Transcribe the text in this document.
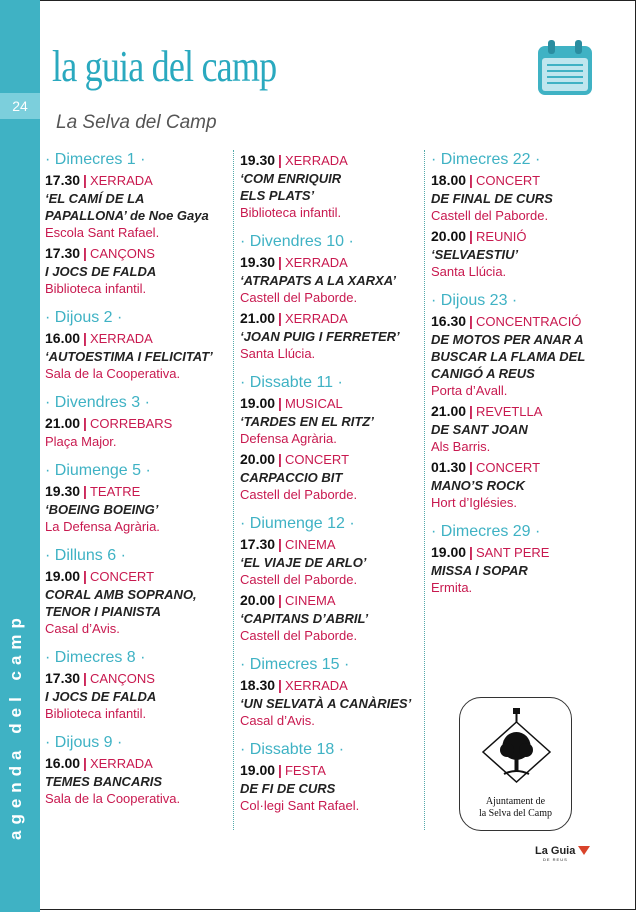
24
agenda del camp
la guia del camp
La Selva del Camp
· Dimecres 1 ·
17.30 | XERRADA
‘EL CAMÍ DE LA
PAPALLONA’ de Noe Gaya
Escola Sant Rafael.
17.30 | CANÇONS
I JOCS DE FALDA
Biblioteca infantil.
· Dijous 2 ·
16.00 | XERRADA
‘AUTOESTIMA I FELICITAT’
Sala de la Cooperativa.
· Divendres 3 ·
21.00 | CORREBARS
Plaça Major.
· Diumenge 5 ·
19.30 | TEATRE
‘BOEING BOEING’
La Defensa Agrària.
· Dilluns 6 ·
19.00 | CONCERT
CORAL AMB SOPRANO,
TENOR I PIANISTA
Casal d’Avis.
· Dimecres 8 ·
17.30 | CANÇONS
I JOCS DE FALDA
Biblioteca infantil.
· Dijous 9 ·
16.00 | XERRADA
TEMES BANCARIS
Sala de la Cooperativa.
19.30 | XERRADA
‘COM ENRIQUIR
ELS PLATS’
Biblioteca infantil.
· Divendres 10 ·
19.30 | XERRADA
‘ATRAPATS A LA XARXA’
Castell del Paborde.
21.00 | XERRADA
‘JOAN PUIG I FERRETER’
Santa Llúcia.
· Dissabte 11 ·
19.00 | MUSICAL
‘TARDES EN EL RITZ’
Defensa Agrària.
20.00 | CONCERT
CARPACCIO BIT
Castell del Paborde.
· Diumenge 12 ·
17.30 | CINEMA
‘EL VIAJE DE ARLO’
Castell del Paborde.
20.00 | CINEMA
‘CAPITANS D’ABRIL’
Castell del Paborde.
· Dimecres 15 ·
18.30 | XERRADA
‘UN SELVATÀ A CANÀRIES’
Casal d’Avis.
· Dissabte 18 ·
19.00 | FESTA
DE FI DE CURS
Col·legi Sant Rafael.
· Dimecres 22 ·
18.00 | CONCERT
DE FINAL DE CURS
Castell del Paborde.
20.00 | REUNIÓ
‘SELVAESTIU’
Santa Llúcia.
· Dijous 23 ·
16.30 | CONCENTRACIÓ
DE MOTOS PER ANAR A
BUSCAR LA FLAMA DEL
CANIGÓ A REUS
Porta d’Avall.
21.00 | REVETLLA
DE SANT JOAN
Als Barris.
01.30 | CONCERT
MANO’S ROCK
Hort d’Iglésies.
· Dimecres 29 ·
19.00 | SANT PERE
MISSA I SOPAR
Ermita.
Ajuntament de
la Selva del Camp
La Guia
DE REUS
